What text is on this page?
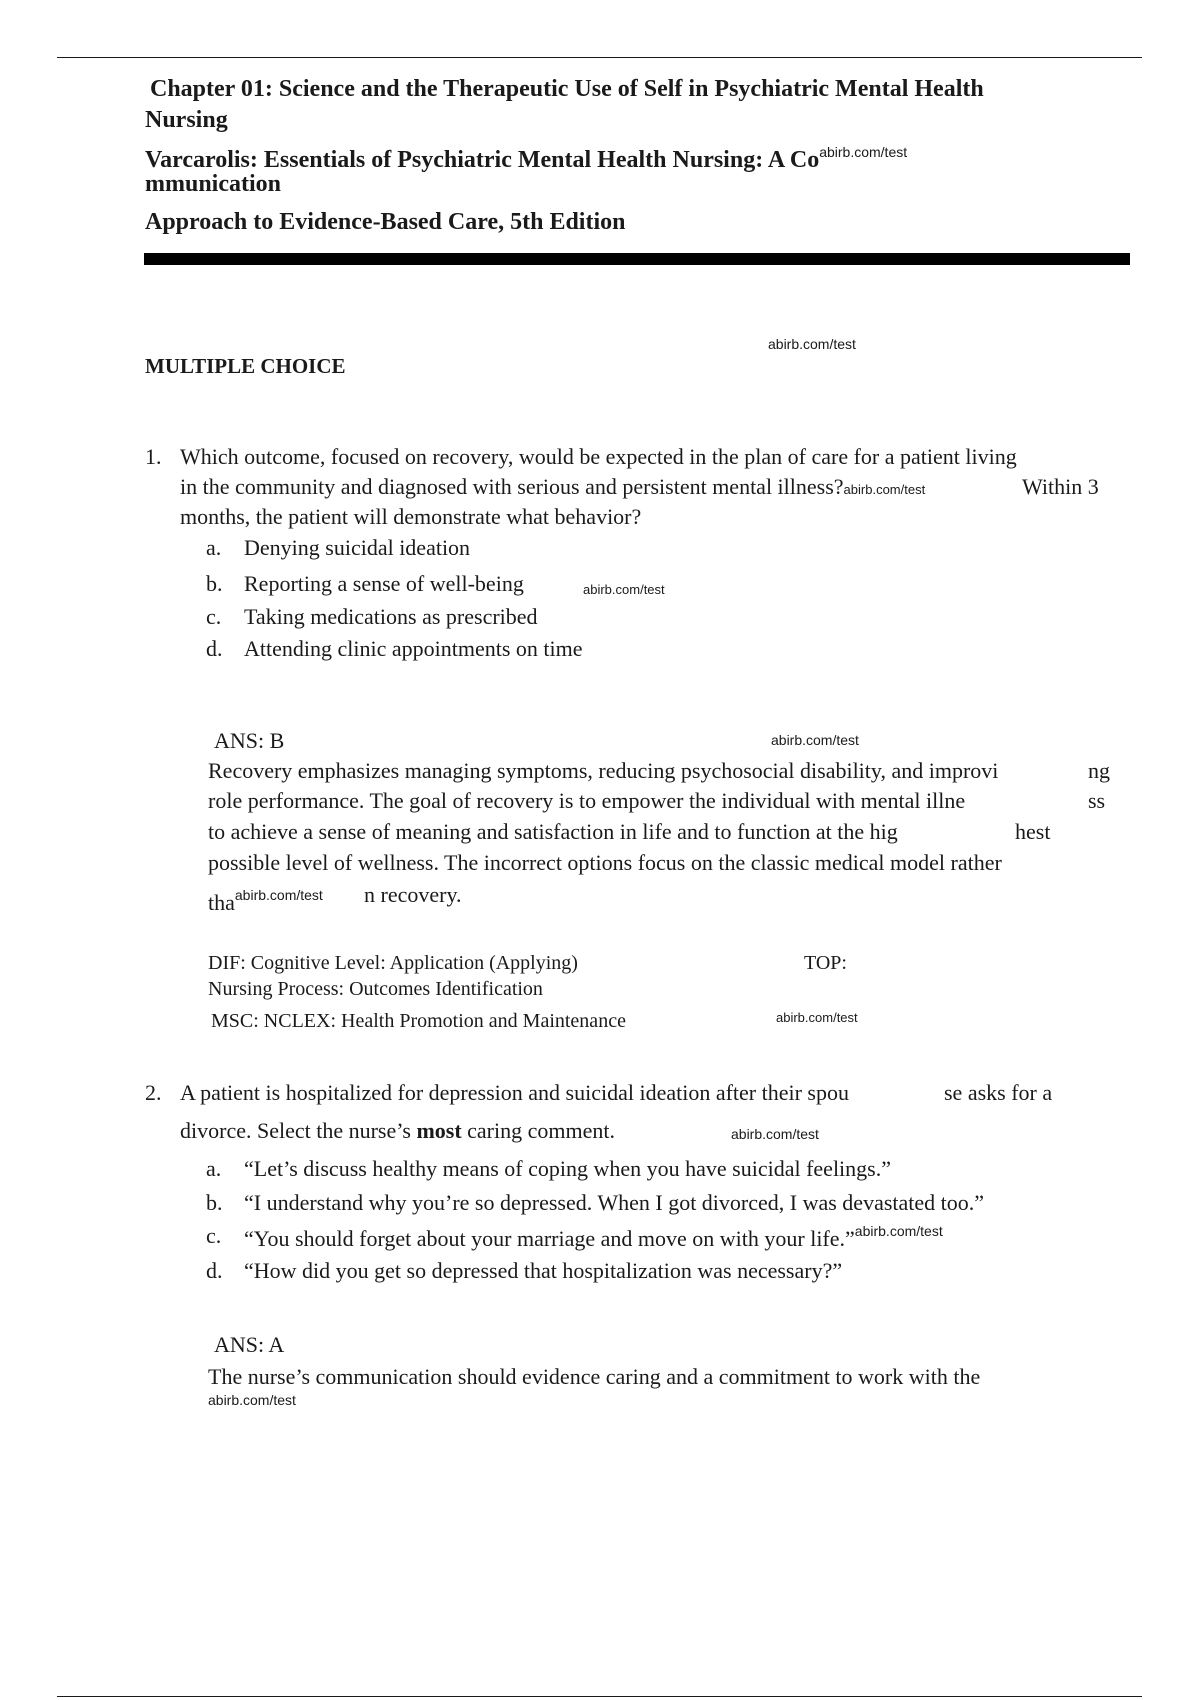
Chapter 01: Science and the Therapeutic Use of Self in Psychiatric Mental Health
Nursing
Varcarolis: Essentials of Psychiatric Mental Health Nursing: A $Co^{abirb.com/test}$
mmunication
Approach to Evidence-Based Care, 5th Edition
abirb.com/test
MULTIPLE CHOICE
1. Which outcome, focused on recovery, would be expected in the plan of care for a patient living
in the community and diagnosed with serious and persistent mental illness?abirb.com/test	Within 3
months, the patient will demonstrate what behavior?
a. Denying suicidal ideation
b. Reporting a sense of well-being	abirb.com/test
c. Taking medications as prescribed
d. Attending clinic appointments on time
ANS: B	abirb.com/test
Recovery emphasizes managing symptoms, reducing psychosocial disability, and improvi	ng
role performance. The goal of recovery is to empower the individual with mental illne	ss
to achieve a sense of meaning and satisfaction in life and to function at the hig	hest
possible level of wellness. The incorrect options focus on the classic medical model rather
tha$^{abirb.com/test}$ n recovery.
DIF: Cognitive Level: Application (Applying)	TOP:
Nursing Process: Outcomes Identification
MSC: NCLEX: Health Promotion and Maintenance	abirb.com/test
2. A patient is hospitalized for depression and suicidal ideation after their spou	se asks for a
divorce. Select the nurse’s most caring comment.	abirb.com/test
a. “Let’s discuss healthy means of coping when you have suicidal feelings.”
b. “I understand why you’re so depressed. When I got divorced, I was devastated too.”
c. “You should forget about your marriage and move on with your life.”$^{abirb.com/test}$
d. “How did you get so depressed that hospitalization was necessary?”
ANS: A
The nurse’s communication should evidence caring and a commitment to work with the
abirb.com/test
